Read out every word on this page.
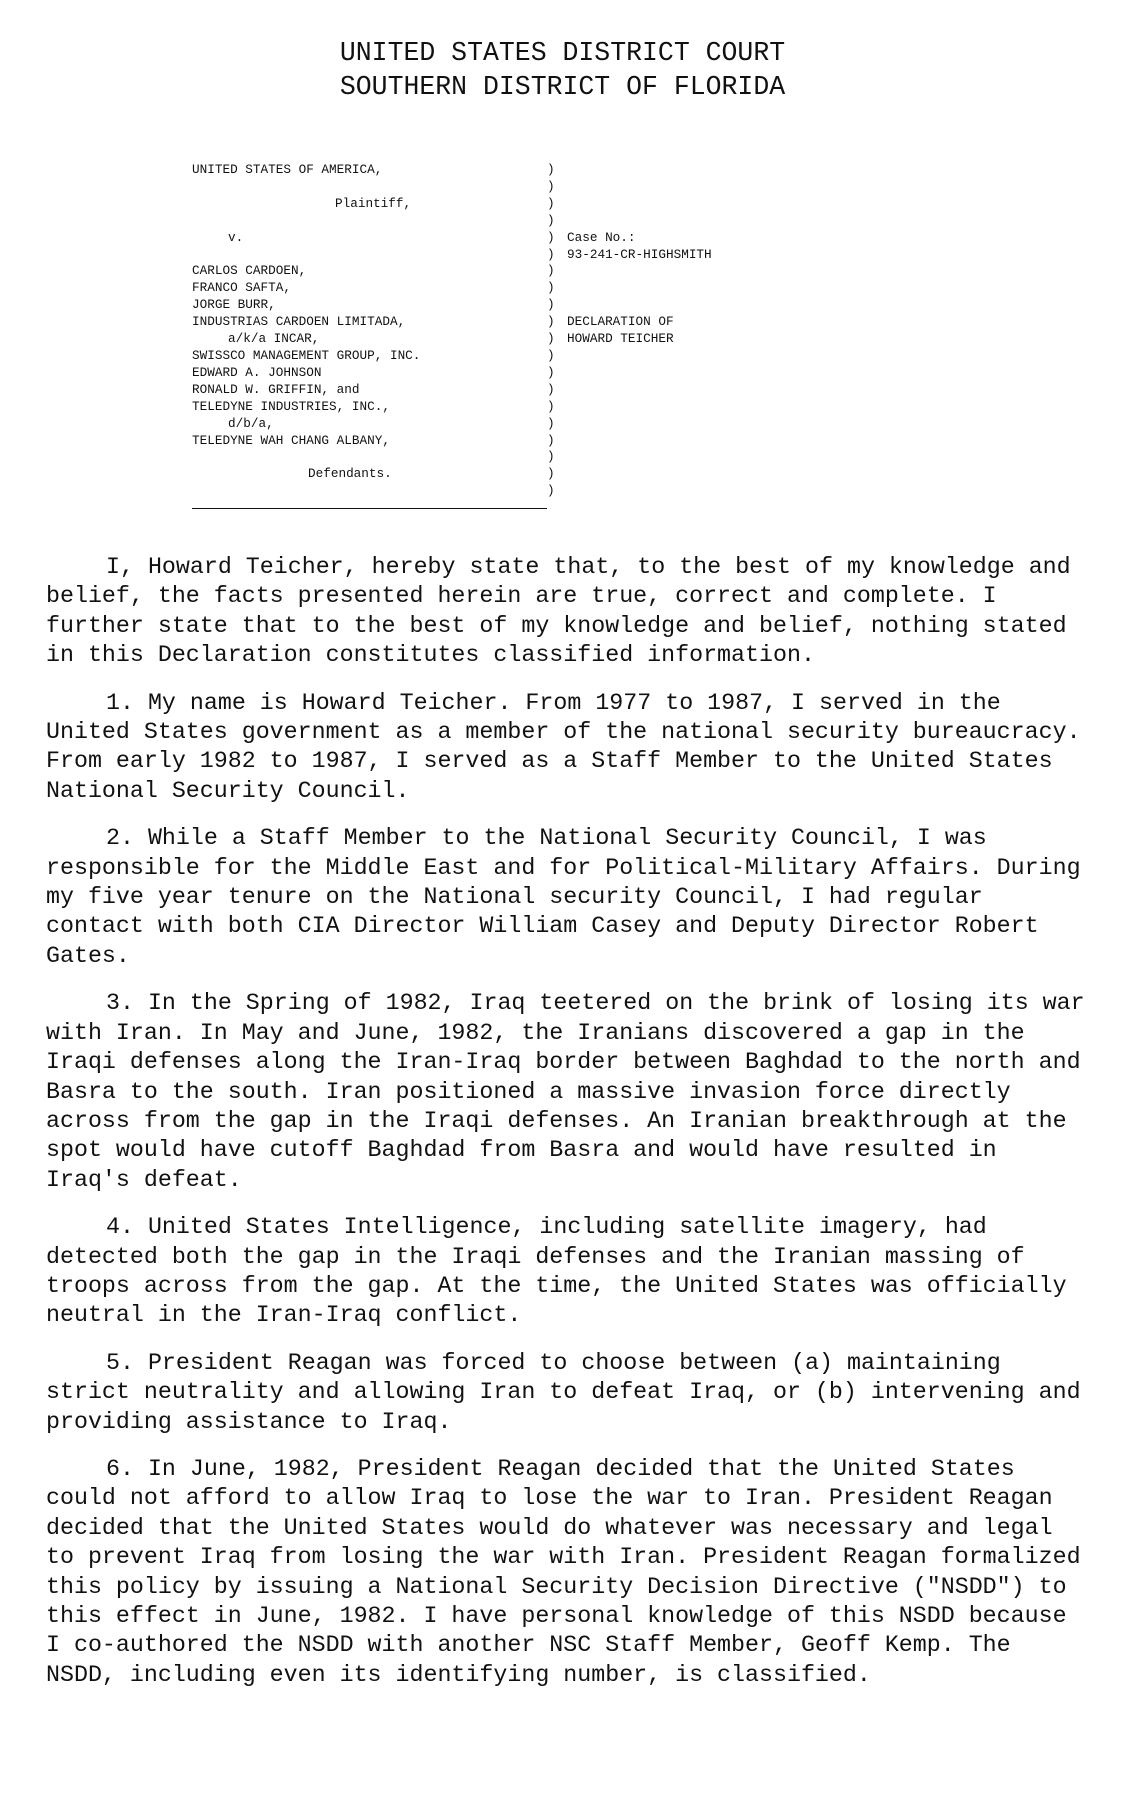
UNITED STATES DISTRICT COURT
SOUTHERN DISTRICT OF FLORIDA
UNITED STATES OF AMERICA,

Plaintiff,

v.

CARLOS CARDOEN,
FRANCO SAFTA,
JORGE BURR,
INDUSTRIAS CARDOEN LIMITADA,
a/k/a INCAR,
SWISSCO MANAGEMENT GROUP, INC.
EDWARD A. JOHNSON
RONALD W. GRIFFIN, and
TELEDYNE INDUSTRIES, INC.,
d/b/a,
TELEDYNE WAH CHANG ALBANY,

Defendants.
)
)
)
)
)
)
)
)
)
)
)
)
)
)
)
)
)
)
)
)

Case No.:
93-241-CR-HIGHSMITH

DECLARATION OF
HOWARD TEICHER

I, Howard Teicher, hereby state that, to the best of my knowledge and belief, the facts presented herein are true, correct and complete. I further state that to the best of my knowledge and belief, nothing stated in this Declaration constitutes classified information.

1. My name is Howard Teicher. From 1977 to 1987, I served in the United States government as a member of the national security bureaucracy. From early 1982 to 1987, I served as a Staff Member to the United States National Security Council.

2. While a Staff Member to the National Security Council, I was responsible for the Middle East and for Political-Military Affairs. During my five year tenure on the National security Council, I had regular contact with both CIA Director William Casey and Deputy Director Robert Gates.

3. In the Spring of 1982, Iraq teetered on the brink of losing its war with Iran. In May and June, 1982, the Iranians discovered a gap in the Iraqi defenses along the Iran-Iraq border between Baghdad to the north and Basra to the south. Iran positioned a massive invasion force directly across from the gap in the Iraqi defenses. An Iranian breakthrough at the spot would have cutoff Baghdad from Basra and would have resulted in Iraq's defeat.

4. United States Intelligence, including satellite imagery, had detected both the gap in the Iraqi defenses and the Iranian massing of troops across from the gap. At the time, the United States was officially neutral in the Iran-Iraq conflict.

5. President Reagan was forced to choose between (a) maintaining strict neutrality and allowing Iran to defeat Iraq, or (b) intervening and providing assistance to Iraq.

6. In June, 1982, President Reagan decided that the United States could not afford to allow Iraq to lose the war to Iran. President Reagan decided that the United States would do whatever was necessary and legal to prevent Iraq from losing the war with Iran. President Reagan formalized this policy by issuing a National Security Decision Directive ("NSDD") to this effect in June, 1982. I have personal knowledge of this NSDD because I co-authored the NSDD with another NSC Staff Member, Geoff Kemp. The NSDD, including even its identifying number, is classified.
